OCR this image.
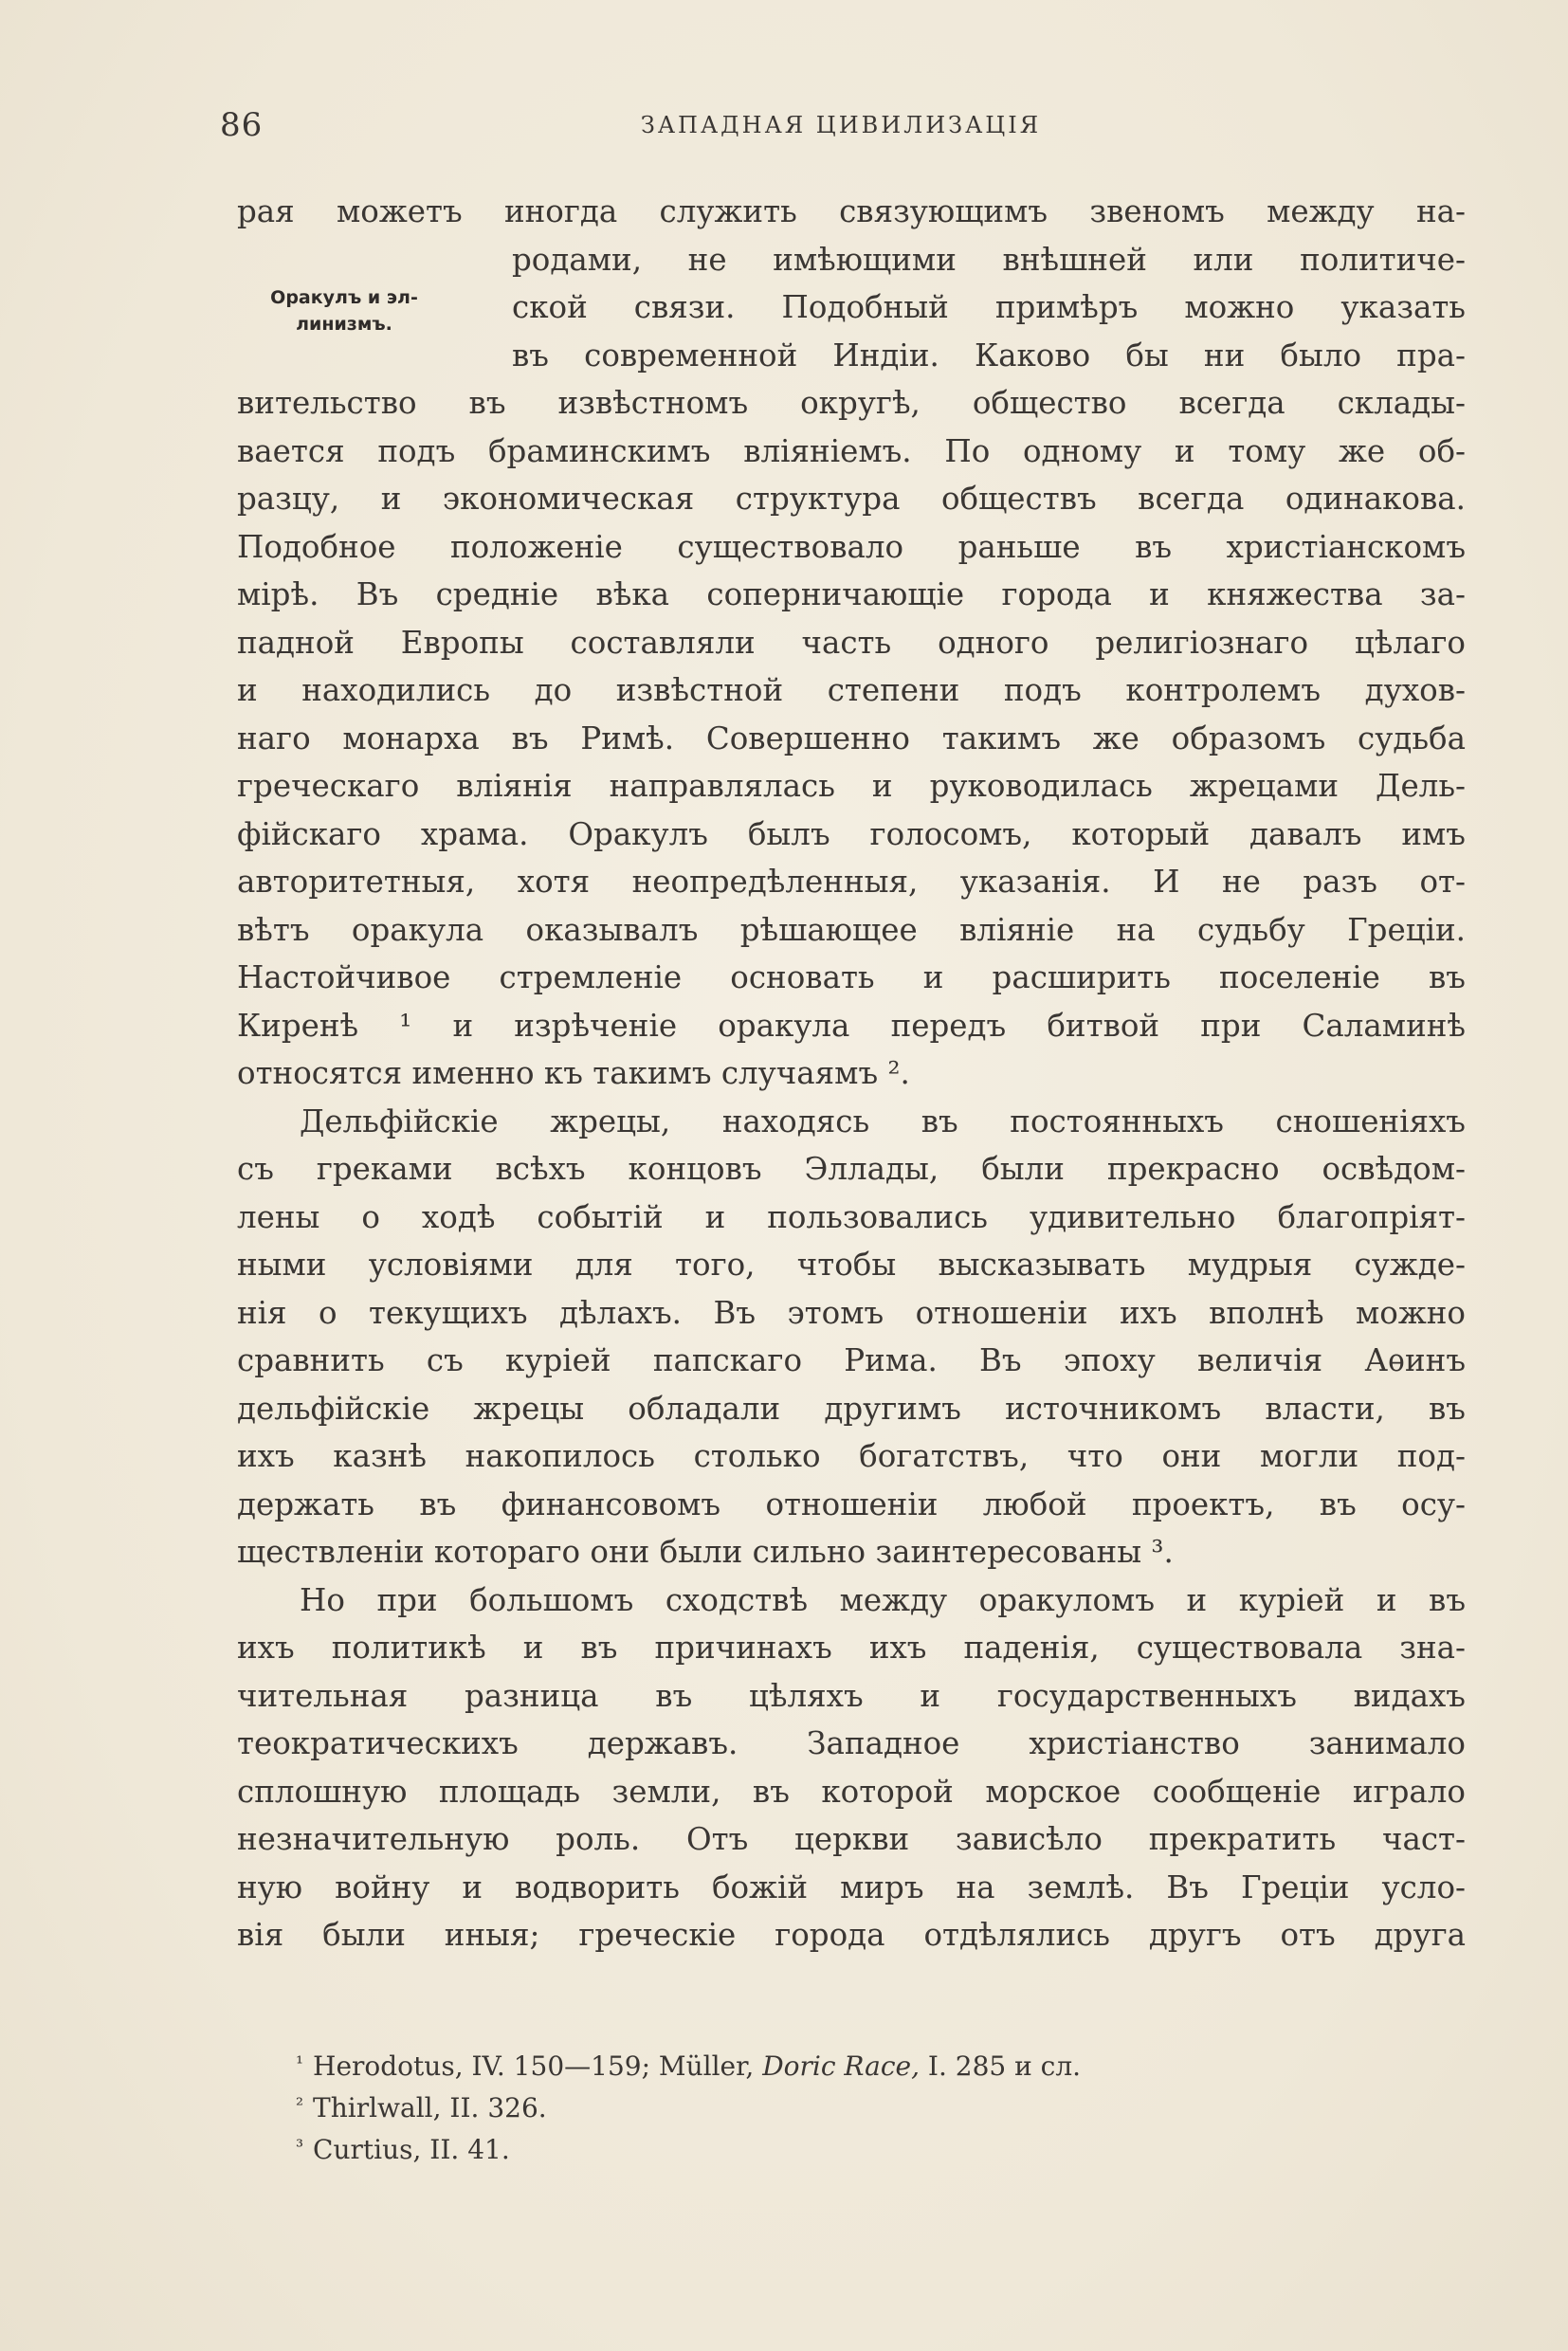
86	ЗАПАДНАЯ ЦИВИЛИЗАЦІЯ
Оракулъ и эл-
линизмъ.
рая можетъ иногда служить связующимъ звеномъ между на-
родами, не имѣющими внѣшней или политиче-
ской связи. Подобный примѣръ можно указать
въ современной Индіи. Каково бы ни было пра-
вительство въ извѣстномъ округѣ, общество всегда склады-
вается подъ браминскимъ вліяніемъ. По одному и тому же об-
разцу, и экономическая структура обществъ всегда одинакова.
Подобное положеніе существовало раньше въ христіанскомъ
мірѣ. Въ средніе вѣка соперничающіе города и княжества за-
падной Европы составляли часть одного религіознаго цѣлаго
и находились до извѣстной степени подъ контролемъ духов-
наго монарха въ Римѣ. Совершенно такимъ же образомъ судьба
греческаго вліянія направлялась и руководилась жрецами Дель-
фійскаго храма. Оракулъ былъ голосомъ, который давалъ имъ
авторитетныя, хотя неопредѣленныя, указанія. И не разъ от-
вѣтъ оракула оказывалъ рѣшающее вліяніе на судьбу Греціи.
Настойчивое стремленіе основать и расширить поселеніе въ
Киренѣ ¹ и изрѣченіе оракула передъ битвой при Саламинѣ
относятся именно къ такимъ случаямъ ².
Дельфійскіе жрецы, находясь въ постоянныхъ сношеніяхъ
съ греками всѣхъ концовъ Эллады, были прекрасно освѣдом-
лены о ходѣ событій и пользовались удивительно благопріят-
ными условіями для того, чтобы высказывать мудрыя сужде-
нія о текущихъ дѣлахъ. Въ этомъ отношеніи ихъ вполнѣ можно
сравнить съ куріей папскаго Рима. Въ эпоху величія Аѳинъ
дельфійскіе жрецы обладали другимъ источникомъ власти, въ
ихъ казнѣ накопилось столько богатствъ, что они могли под-
держать въ финансовомъ отношеніи любой проектъ, въ осу-
ществленіи котораго они были сильно заинтересованы ³.
Но при большомъ сходствѣ между оракуломъ и куріей и въ
ихъ политикѣ и въ причинахъ ихъ паденія, существовала зна-
чительная разница въ цѣляхъ и государственныхъ видахъ
теократическихъ державъ. Западное христіанство занимало
сплошную площадь земли, въ которой морское сообщеніе играло
незначительную роль. Отъ церкви зависѣло прекратить част-
ную войну и водворить божій миръ на землѣ. Въ Греціи усло-
вія были иныя; греческіе города отдѣлялись другъ отъ друга
$^{^1}$ Herodotus, IV. 150—159; Müller, Doric Race, I. 285 и сл.
$^{^2}$ Thirlwall, II. 326.
$^{^3}$ Curtius, II. 41.
